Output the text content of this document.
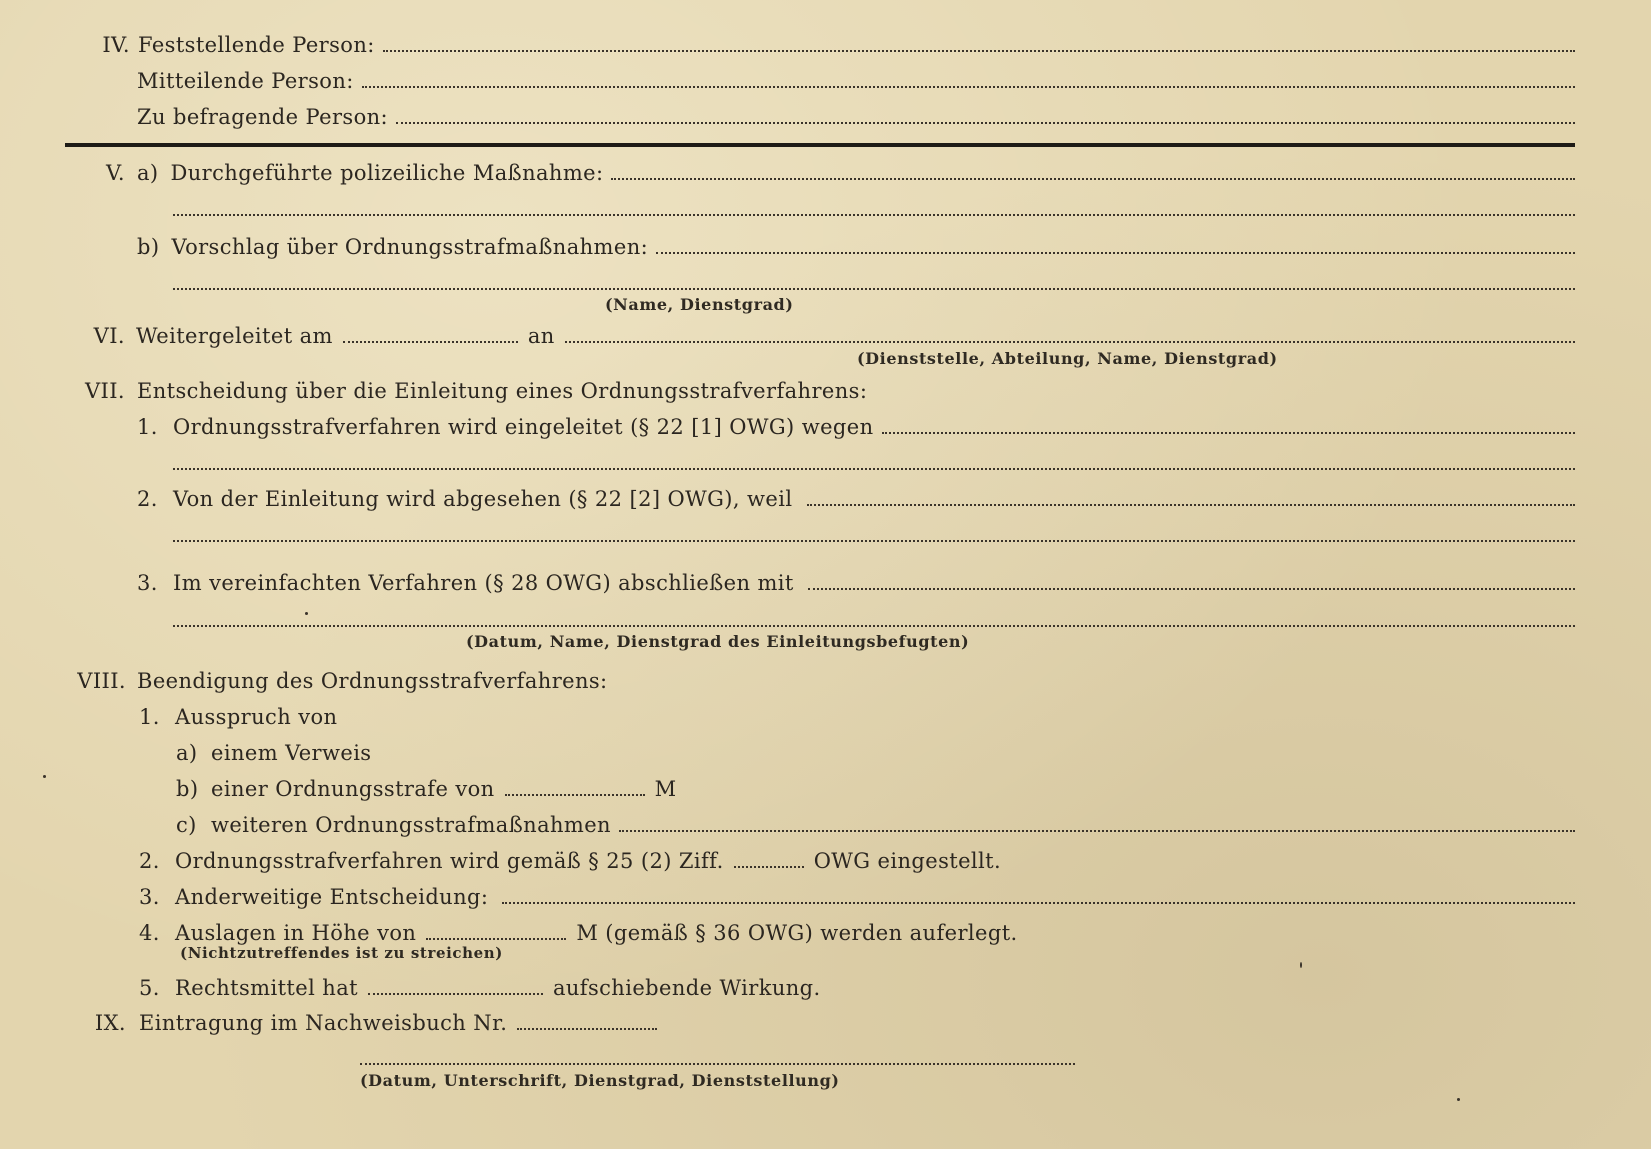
IV. Feststellende Person:
Mitteilende Person:
Zu befragende Person:
V. a) Durchgeführte polizeiliche Maßnahme:
b) Vorschlag über Ordnungsstrafmaßnahmen:
(Name, Dienstgrad)
VI. Weitergeleitet am	an
(Dienststelle, Abteilung, Name, Dienstgrad)
VII. Entscheidung über die Einleitung eines Ordnungsstrafverfahrens:
1. Ordnungsstrafverfahren wird eingeleitet (§ 22 [1] OWG) wegen
2. Von der Einleitung wird abgesehen (§ 22 [2] OWG), weil
3. Im vereinfachten Verfahren (§ 28 OWG) abschließen mit
(Datum, Name, Dienstgrad des Einleitungsbefugten)
VIII. Beendigung des Ordnungsstrafverfahrens:
1. Ausspruch von
a) einem Verweis
b) einer Ordnungsstrafe von	M
c) weiteren Ordnungsstrafmaßnahmen
2. Ordnungsstrafverfahren wird gemäß § 25 (2) Ziff.	OWG eingestellt.
3. Anderweitige Entscheidung:
4. Auslagen in Höhe von	M (gemäß § 36 OWG) werden auferlegt.
(Nichtzutreffendes ist zu streichen)
5. Rechtsmittel hat	aufschiebende Wirkung.
IX. Eintragung im Nachweisbuch Nr.
(Datum, Unterschrift, Dienstgrad, Dienststellung)
